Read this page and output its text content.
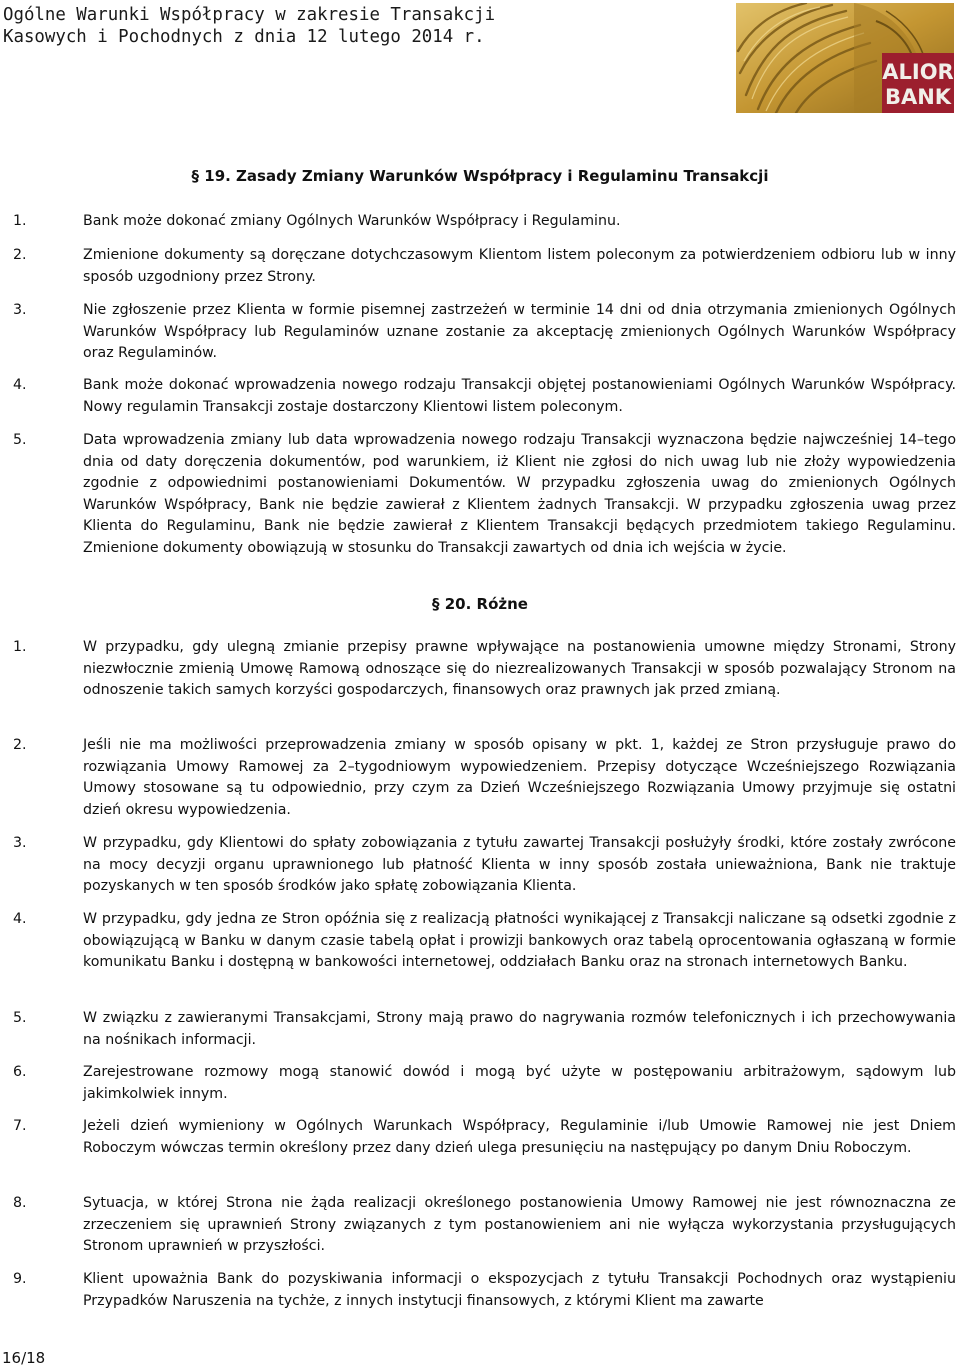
Ogólne Warunki Współpracy w zakresie Transakcji
Kasowych i Pochodnych z dnia 12 lutego 2014 r.
ALIOR
BANK
§ 19. Zasady Zmiany Warunków Współpracy i Regulaminu Transakcji
1.	Bank może dokonać zmiany Ogólnych Warunków Współpracy i Regulaminu.
2.	Zmienione dokumenty są doręczane dotychczasowym Klientom listem poleconym za potwierdzeniem odbioru lub w inny sposób uzgodniony przez Strony.
3.	Nie zgłoszenie przez Klienta w formie pisemnej zastrzeżeń w terminie 14 dni od dnia otrzymania zmienionych Ogólnych Warunków Współpracy lub Regulaminów uznane zostanie za akceptację zmienionych Ogólnych Warunków Współpracy oraz Regulaminów.
4.	Bank może dokonać wprowadzenia nowego rodzaju Transakcji objętej postanowieniami Ogólnych Warunków Współpracy. Nowy regulamin Transakcji zostaje dostarczony Klientowi listem poleconym.
5.	Data wprowadzenia zmiany lub data wprowadzenia nowego rodzaju Transakcji wyznaczona będzie najwcześniej 14–tego dnia od daty doręczenia dokumentów, pod warunkiem, iż Klient nie zgłosi do nich uwag lub nie złoży wypowiedzenia zgodnie z odpowiednimi postanowieniami Dokumentów. W przypadku zgłoszenia uwag do zmienionych Ogólnych Warunków Współpracy, Bank nie będzie zawierał z Klientem żadnych Transakcji. W przypadku zgłoszenia uwag przez Klienta do Regulaminu, Bank nie będzie zawierał z Klientem Transakcji będących przedmiotem takiego Regulaminu. Zmienione dokumenty obowiązują w stosunku do Transakcji zawartych od dnia ich wejścia w życie.
§ 20. Różne
1.	W przypadku, gdy ulegną zmianie przepisy prawne wpływające na postanowienia umowne między Stronami, Strony niezwłocznie zmienią Umowę Ramową odnoszące się do niezrealizowanych Transakcji w sposób pozwalający Stronom na odnoszenie takich samych korzyści gospodarczych, finansowych oraz prawnych jak przed zmianą.
2.	Jeśli nie ma możliwości przeprowadzenia zmiany w sposób opisany w pkt. 1, każdej ze Stron przysługuje prawo do rozwiązania Umowy Ramowej za 2–tygodniowym wypowiedzeniem. Przepisy dotyczące Wcześniejszego Rozwiązania Umowy stosowane są tu odpowiednio, przy czym za Dzień Wcześniejszego Rozwiązania Umowy przyjmuje się ostatni dzień okresu wypowiedzenia.
3.	W przypadku, gdy Klientowi do spłaty zobowiązania z tytułu zawartej Transakcji posłużyły środki, które zostały zwrócone na mocy decyzji organu uprawnionego lub płatność Klienta w inny sposób została unieważniona, Bank nie traktuje pozyskanych w ten sposób środków jako spłatę zobowiązania Klienta.
4.	W przypadku, gdy jedna ze Stron opóźnia się z realizacją płatności wynikającej z Transakcji naliczane są odsetki zgodnie z obowiązującą w Banku w danym czasie tabelą opłat i prowizji bankowych oraz tabelą oprocentowania ogłaszaną w formie komunikatu Banku i dostępną w bankowości internetowej, oddziałach Banku oraz na stronach internetowych Banku.
5.	W związku z zawieranymi Transakcjami, Strony mają prawo do nagrywania rozmów telefonicznych i ich przechowywania na nośnikach informacji.
6.	Zarejestrowane rozmowy mogą stanowić dowód i mogą być użyte w postępowaniu arbitrażowym, sądowym lub jakimkolwiek innym.
7.	Jeżeli dzień wymieniony w Ogólnych Warunkach Współpracy, Regulaminie i/lub Umowie Ramowej nie jest Dniem Roboczym wówczas termin określony przez dany dzień ulega presunięciu na następujący po danym Dniu Roboczym.
8.	Sytuacja, w której Strona nie żąda realizacji określonego postanowienia Umowy Ramowej nie jest równoznaczna ze zrzeczeniem się uprawnień Strony związanych z tym postanowieniem ani nie wyłącza wykorzystania przysługujących Stronom uprawnień w przyszłości.
9.	Klient upoważnia Bank do pozyskiwania informacji o ekspozycjach z tytułu Transakcji Pochodnych oraz wystąpieniu Przypadków Naruszenia na tychże, z innych instytucji finansowych, z którymi Klient ma zawarte
16/18
